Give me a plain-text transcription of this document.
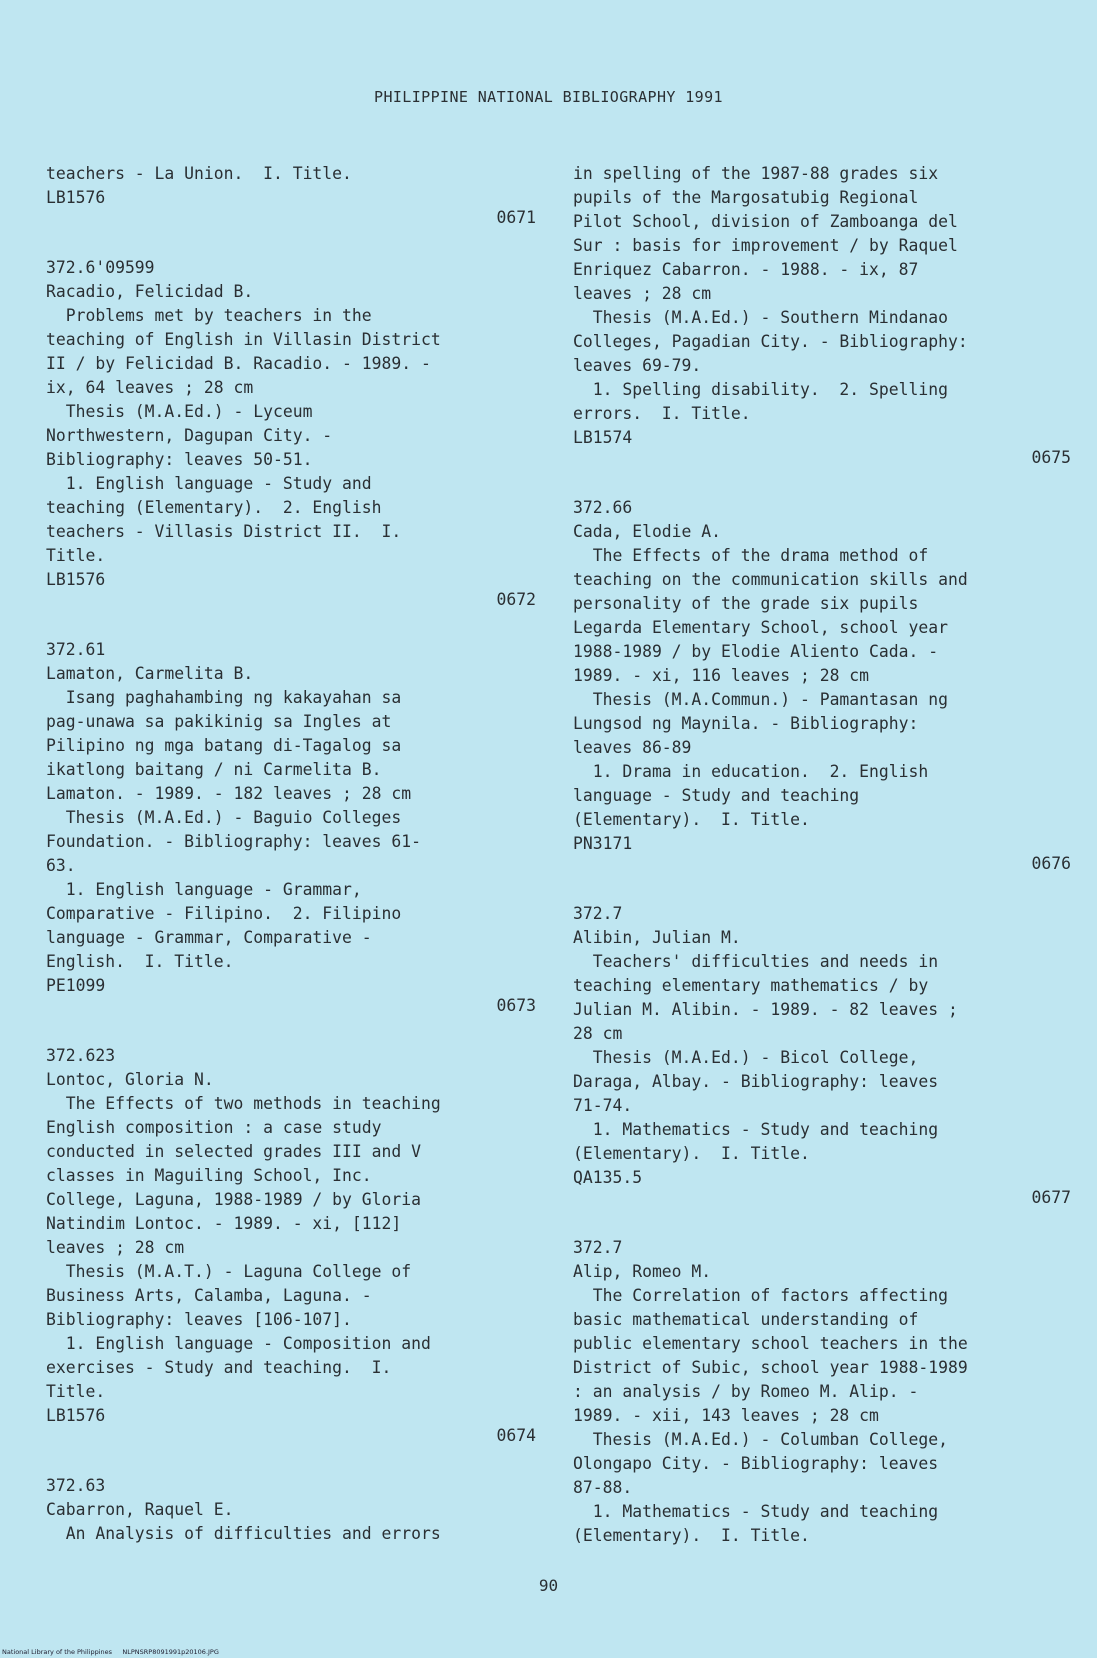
PHILIPPINE NATIONAL BIBLIOGRAPHY 1991
teachers - La Union.  I. Title.
LB1576
0671
372.6'09599
Racadio, Felicidad B.
Problems met by teachers in the
teaching of English in Villasin District
II / by Felicidad B. Racadio. - 1989. -
ix, 64 leaves ; 28 cm
Thesis (M.A.Ed.) - Lyceum
Northwestern, Dagupan City. -
Bibliography: leaves 50-51.
1. English language - Study and
teaching (Elementary).  2. English
teachers - Villasis District II.  I.
Title.
LB1576
0672
372.61
Lamaton, Carmelita B.
Isang paghahambing ng kakayahan sa
pag-unawa sa pakikinig sa Ingles at
Pilipino ng mga batang di-Tagalog sa
ikatlong baitang / ni Carmelita B.
Lamaton. - 1989. - 182 leaves ; 28 cm
Thesis (M.A.Ed.) - Baguio Colleges
Foundation. - Bibliography: leaves 61-
63.
1. English language - Grammar,
Comparative - Filipino.  2. Filipino
language - Grammar, Comparative -
English.  I. Title.
PE1099
0673
372.623
Lontoc, Gloria N.
The Effects of two methods in teaching
English composition : a case study
conducted in selected grades III and V
classes in Maguiling School, Inc.
College, Laguna, 1988-1989 / by Gloria
Natindim Lontoc. - 1989. - xi, [112]
leaves ; 28 cm
Thesis (M.A.T.) - Laguna College of
Business Arts, Calamba, Laguna. -
Bibliography: leaves [106-107].
1. English language - Composition and
exercises - Study and teaching.  I.
Title.
LB1576
0674
372.63
Cabarron, Raquel E.
An Analysis of difficulties and errors
in spelling of the 1987-88 grades six
pupils of the Margosatubig Regional
Pilot School, division of Zamboanga del
Sur : basis for improvement / by Raquel
Enriquez Cabarron. - 1988. - ix, 87
leaves ; 28 cm
Thesis (M.A.Ed.) - Southern Mindanao
Colleges, Pagadian City. - Bibliography:
leaves 69-79.
1. Spelling disability.  2. Spelling
errors.  I. Title.
LB1574
0675
372.66
Cada, Elodie A.
The Effects of the drama method of
teaching on the communication skills and
personality of the grade six pupils
Legarda Elementary School, school year
1988-1989 / by Elodie Aliento Cada. -
1989. - xi, 116 leaves ; 28 cm
Thesis (M.A.Commun.) - Pamantasan ng
Lungsod ng Maynila. - Bibliography:
leaves 86-89
1. Drama in education.  2. English
language - Study and teaching
(Elementary).  I. Title.
PN3171
0676
372.7
Alibin, Julian M.
Teachers' difficulties and needs in
teaching elementary mathematics / by
Julian M. Alibin. - 1989. - 82 leaves ;
28 cm
Thesis (M.A.Ed.) - Bicol College,
Daraga, Albay. - Bibliography: leaves
71-74.
1. Mathematics - Study and teaching
(Elementary).  I. Title.
QA135.5
0677
372.7
Alip, Romeo M.
The Correlation of factors affecting
basic mathematical understanding of
public elementary school teachers in the
District of Subic, school year 1988-1989
: an analysis / by Romeo M. Alip. -
1989. - xii, 143 leaves ; 28 cm
Thesis (M.A.Ed.) - Columban College,
Olongapo City. - Bibliography: leaves
87-88.
1. Mathematics - Study and teaching
(Elementary).  I. Title.
90
National Library of the Philippines     NLPNSRP8091991p20106.JPG
